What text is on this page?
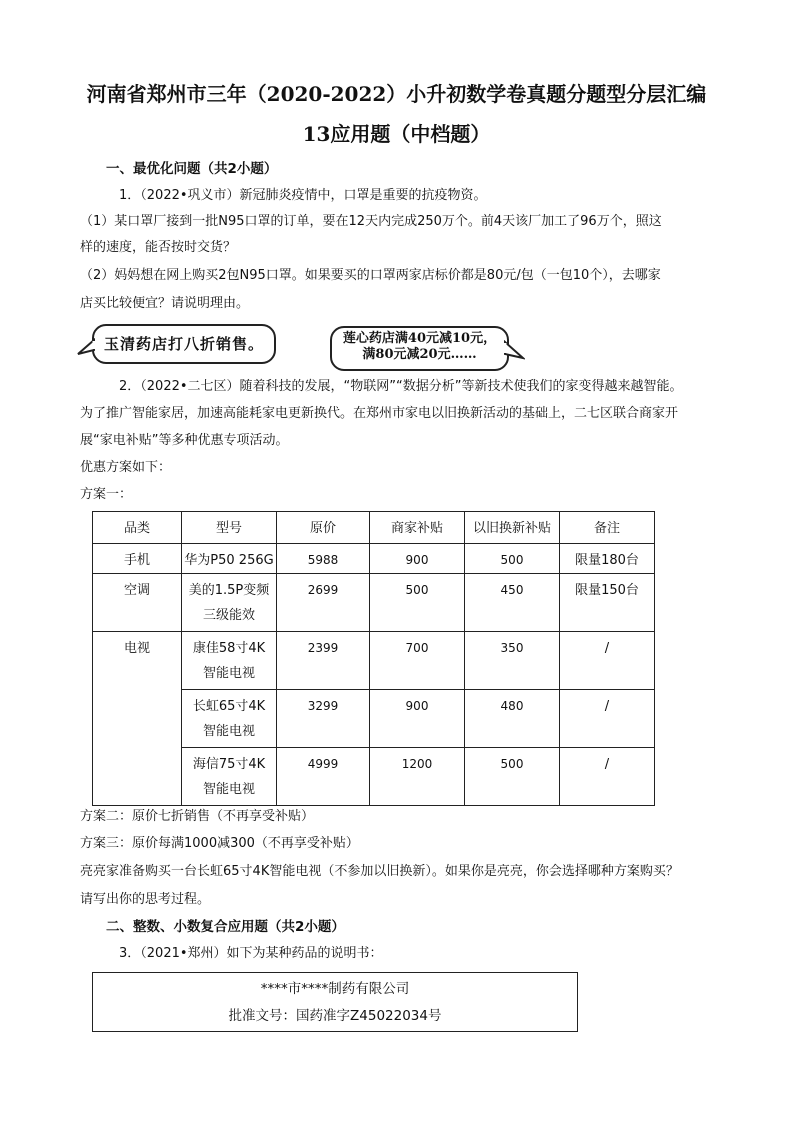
河南省郑州市三年（2020-2022）小升初数学卷真题分题型分层汇编
13应用题（中档题）
一、最优化问题（共2小题）
1．（2022•巩义市）新冠肺炎疫情中，口罩是重要的抗疫物资。
（1）某口罩厂接到一批N95口罩的订单，要在12天内完成250万个。前4天该厂加工了96万个，照这
样的速度，能否按时交货？
（2）妈妈想在网上购买2包N95口罩。如果要买的口罩两家店标价都是80元/包（一包10个），去哪家
店买比较便宜？请说明理由。
玉清药店打八折销售。	莲心药店满40元减10元，
满80元减20元……
2．（2022•二七区）随着科技的发展，“物联网”“数据分析”等新技术使我们的家变得越来越智能。
为了推广智能家居，加速高能耗家电更新换代。在郑州市家电以旧换新活动的基础上，二七区联合商家开
展“家电补贴”等多种优惠专项活动。
优惠方案如下：
方案一：
品类	型号	原价	商家补贴	以旧换新补贴	备注
手机	华为P50 256G	5988	900	500	限量180台
空调	美的1.5P变频
三级能效	2699	500	450	限量150台
电视	康佳58寸4K
智能电视	2399	700	350	/

	长虹65寸4K
智能电视	3299	900	480	/

	海信75寸4K
智能电视	4999	1200	500	/
方案二：原价七折销售（不再享受补贴）
方案三：原价每满1000减300（不再享受补贴）
亮亮家准备购买一台长虹65寸4K智能电视（不参加以旧换新）。如果你是亮亮，你会选择哪种方案购买？
请写出你的思考过程。
二、整数、小数复合应用题（共2小题）
3．（2021•郑州）如下为某种药品的说明书：
****市****制药有限公司
批准文号：国药准字Z45022034号
